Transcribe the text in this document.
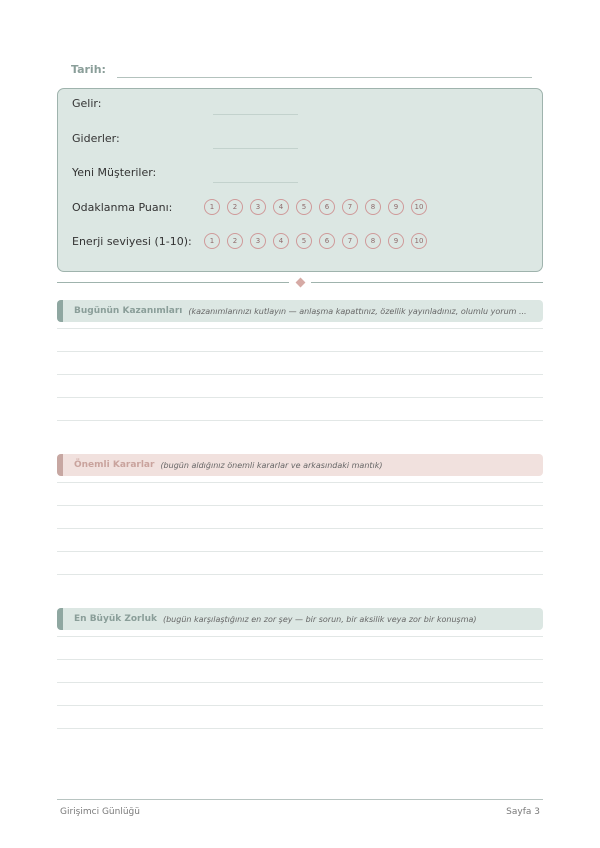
Tarih:
Gelir:
Giderler:
Yeni Müşteriler:
Odaklanma Puanı:	1	2	3	4	5	6	7	8	9	10
Enerji seviyesi (1-10):	1	2	3	4	5	6	7	8	9	10
Bugünün Kazanımları (kazanımlarınızı kutlayın — anlaşma kapattınız, özellik yayınladınız, olumlu yorum ...
Önemli Kararlar (bugün aldığınız önemli kararlar ve arkasındaki mantık)
En Büyük Zorluk (bugün karşılaştığınız en zor şey — bir sorun, bir aksilik veya zor bir konuşma)
Girişimci Günlüğü	Sayfa 3
